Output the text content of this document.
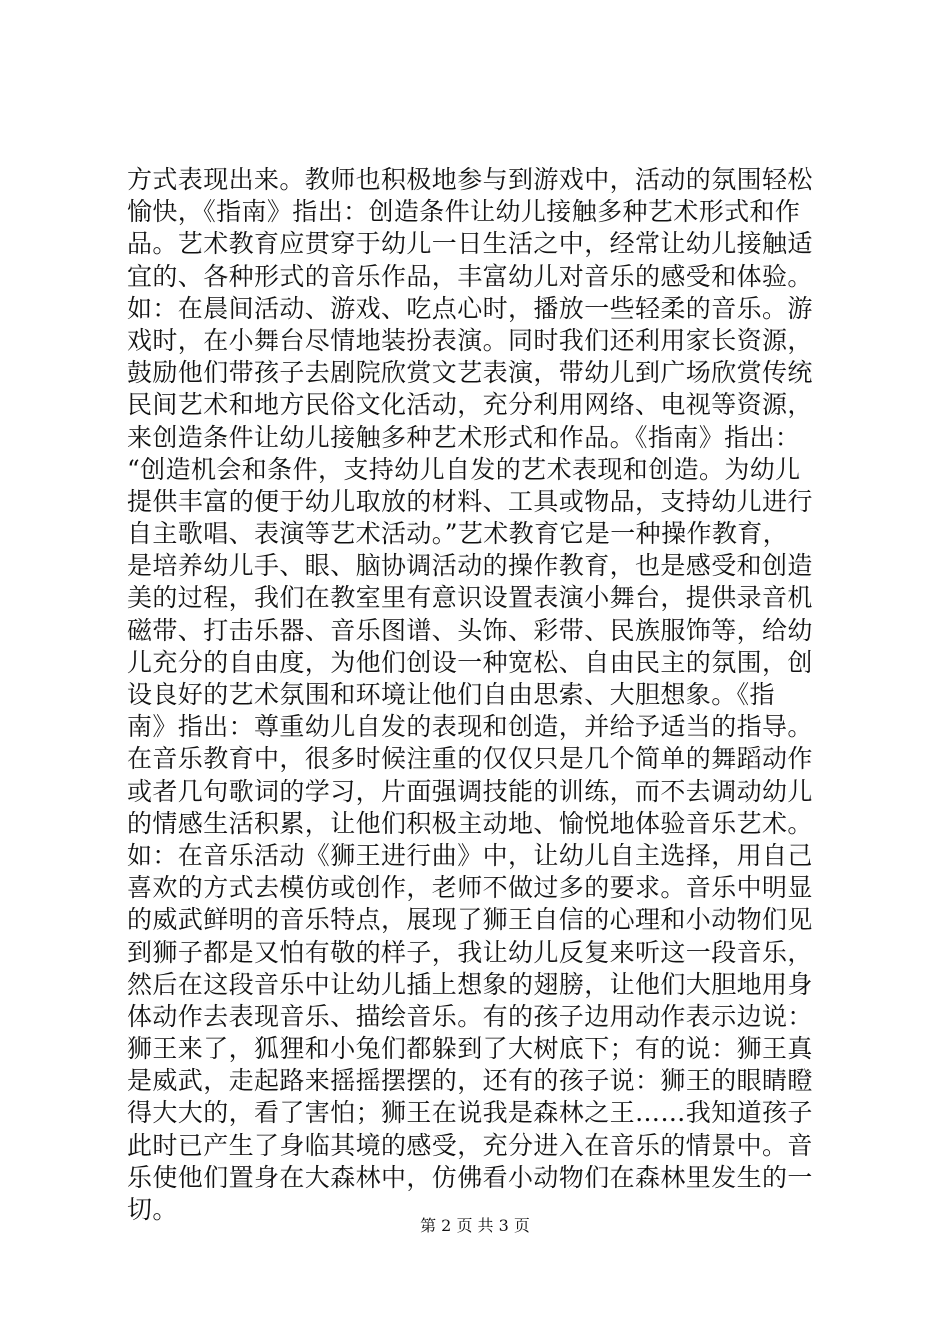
方式表现出来。教师也积极地参与到游戏中，活动的氛围轻松
愉快，《指南》指出：创造条件让幼儿接触多种艺术形式和作
品。艺术教育应贯穿于幼儿一日生活之中，经常让幼儿接触适
宜的、各种形式的音乐作品，丰富幼儿对音乐的感受和体验。
如：在晨间活动、游戏、吃点心时，播放一些轻柔的音乐。游
戏时，在小舞台尽情地装扮表演。同时我们还利用家长资源，
鼓励他们带孩子去剧院欣赏文艺表演，带幼儿到广场欣赏传统
民间艺术和地方民俗文化活动，充分利用网络、电视等资源，
来创造条件让幼儿接触多种艺术形式和作品。《指南》指出：
“创造机会和条件，支持幼儿自发的艺术表现和创造。为幼儿
提供丰富的便于幼儿取放的材料、工具或物品，支持幼儿进行
自主歌唱、表演等艺术活动。”艺术教育它是一种操作教育，
是培养幼儿手、眼、脑协调活动的操作教育，也是感受和创造
美的过程，我们在教室里有意识设置表演小舞台，提供录音机
磁带、打击乐器、音乐图谱、头饰、彩带、民族服饰等，给幼
儿充分的自由度，为他们创设一种宽松、自由民主的氛围，创
设良好的艺术氛围和环境让他们自由思索、大胆想象。《指
南》指出：尊重幼儿自发的表现和创造，并给予适当的指导。
在音乐教育中，很多时候注重的仅仅只是几个简单的舞蹈动作
或者几句歌词的学习，片面强调技能的训练，而不去调动幼儿
的情感生活积累，让他们积极主动地、愉悦地体验音乐艺术。
如：在音乐活动《狮王进行曲》中，让幼儿自主选择，用自己
喜欢的方式去模仿或创作，老师不做过多的要求。音乐中明显
的威武鲜明的音乐特点，展现了狮王自信的心理和小动物们见
到狮子都是又怕有敬的样子，我让幼儿反复来听这一段音乐，
然后在这段音乐中让幼儿插上想象的翅膀，让他们大胆地用身
体动作去表现音乐、描绘音乐。有的孩子边用动作表示边说：
狮王来了，狐狸和小兔们都躲到了大树底下；有的说：狮王真
是威武，走起路来摇摇摆摆的，还有的孩子说：狮王的眼睛瞪
得大大的，看了害怕；狮王在说我是森林之王……我知道孩子
此时已产生了身临其境的感受，充分进入在音乐的情景中。音
乐使他们置身在大森林中，仿佛看小动物们在森林里发生的一
切。
第 2 页 共 3 页
